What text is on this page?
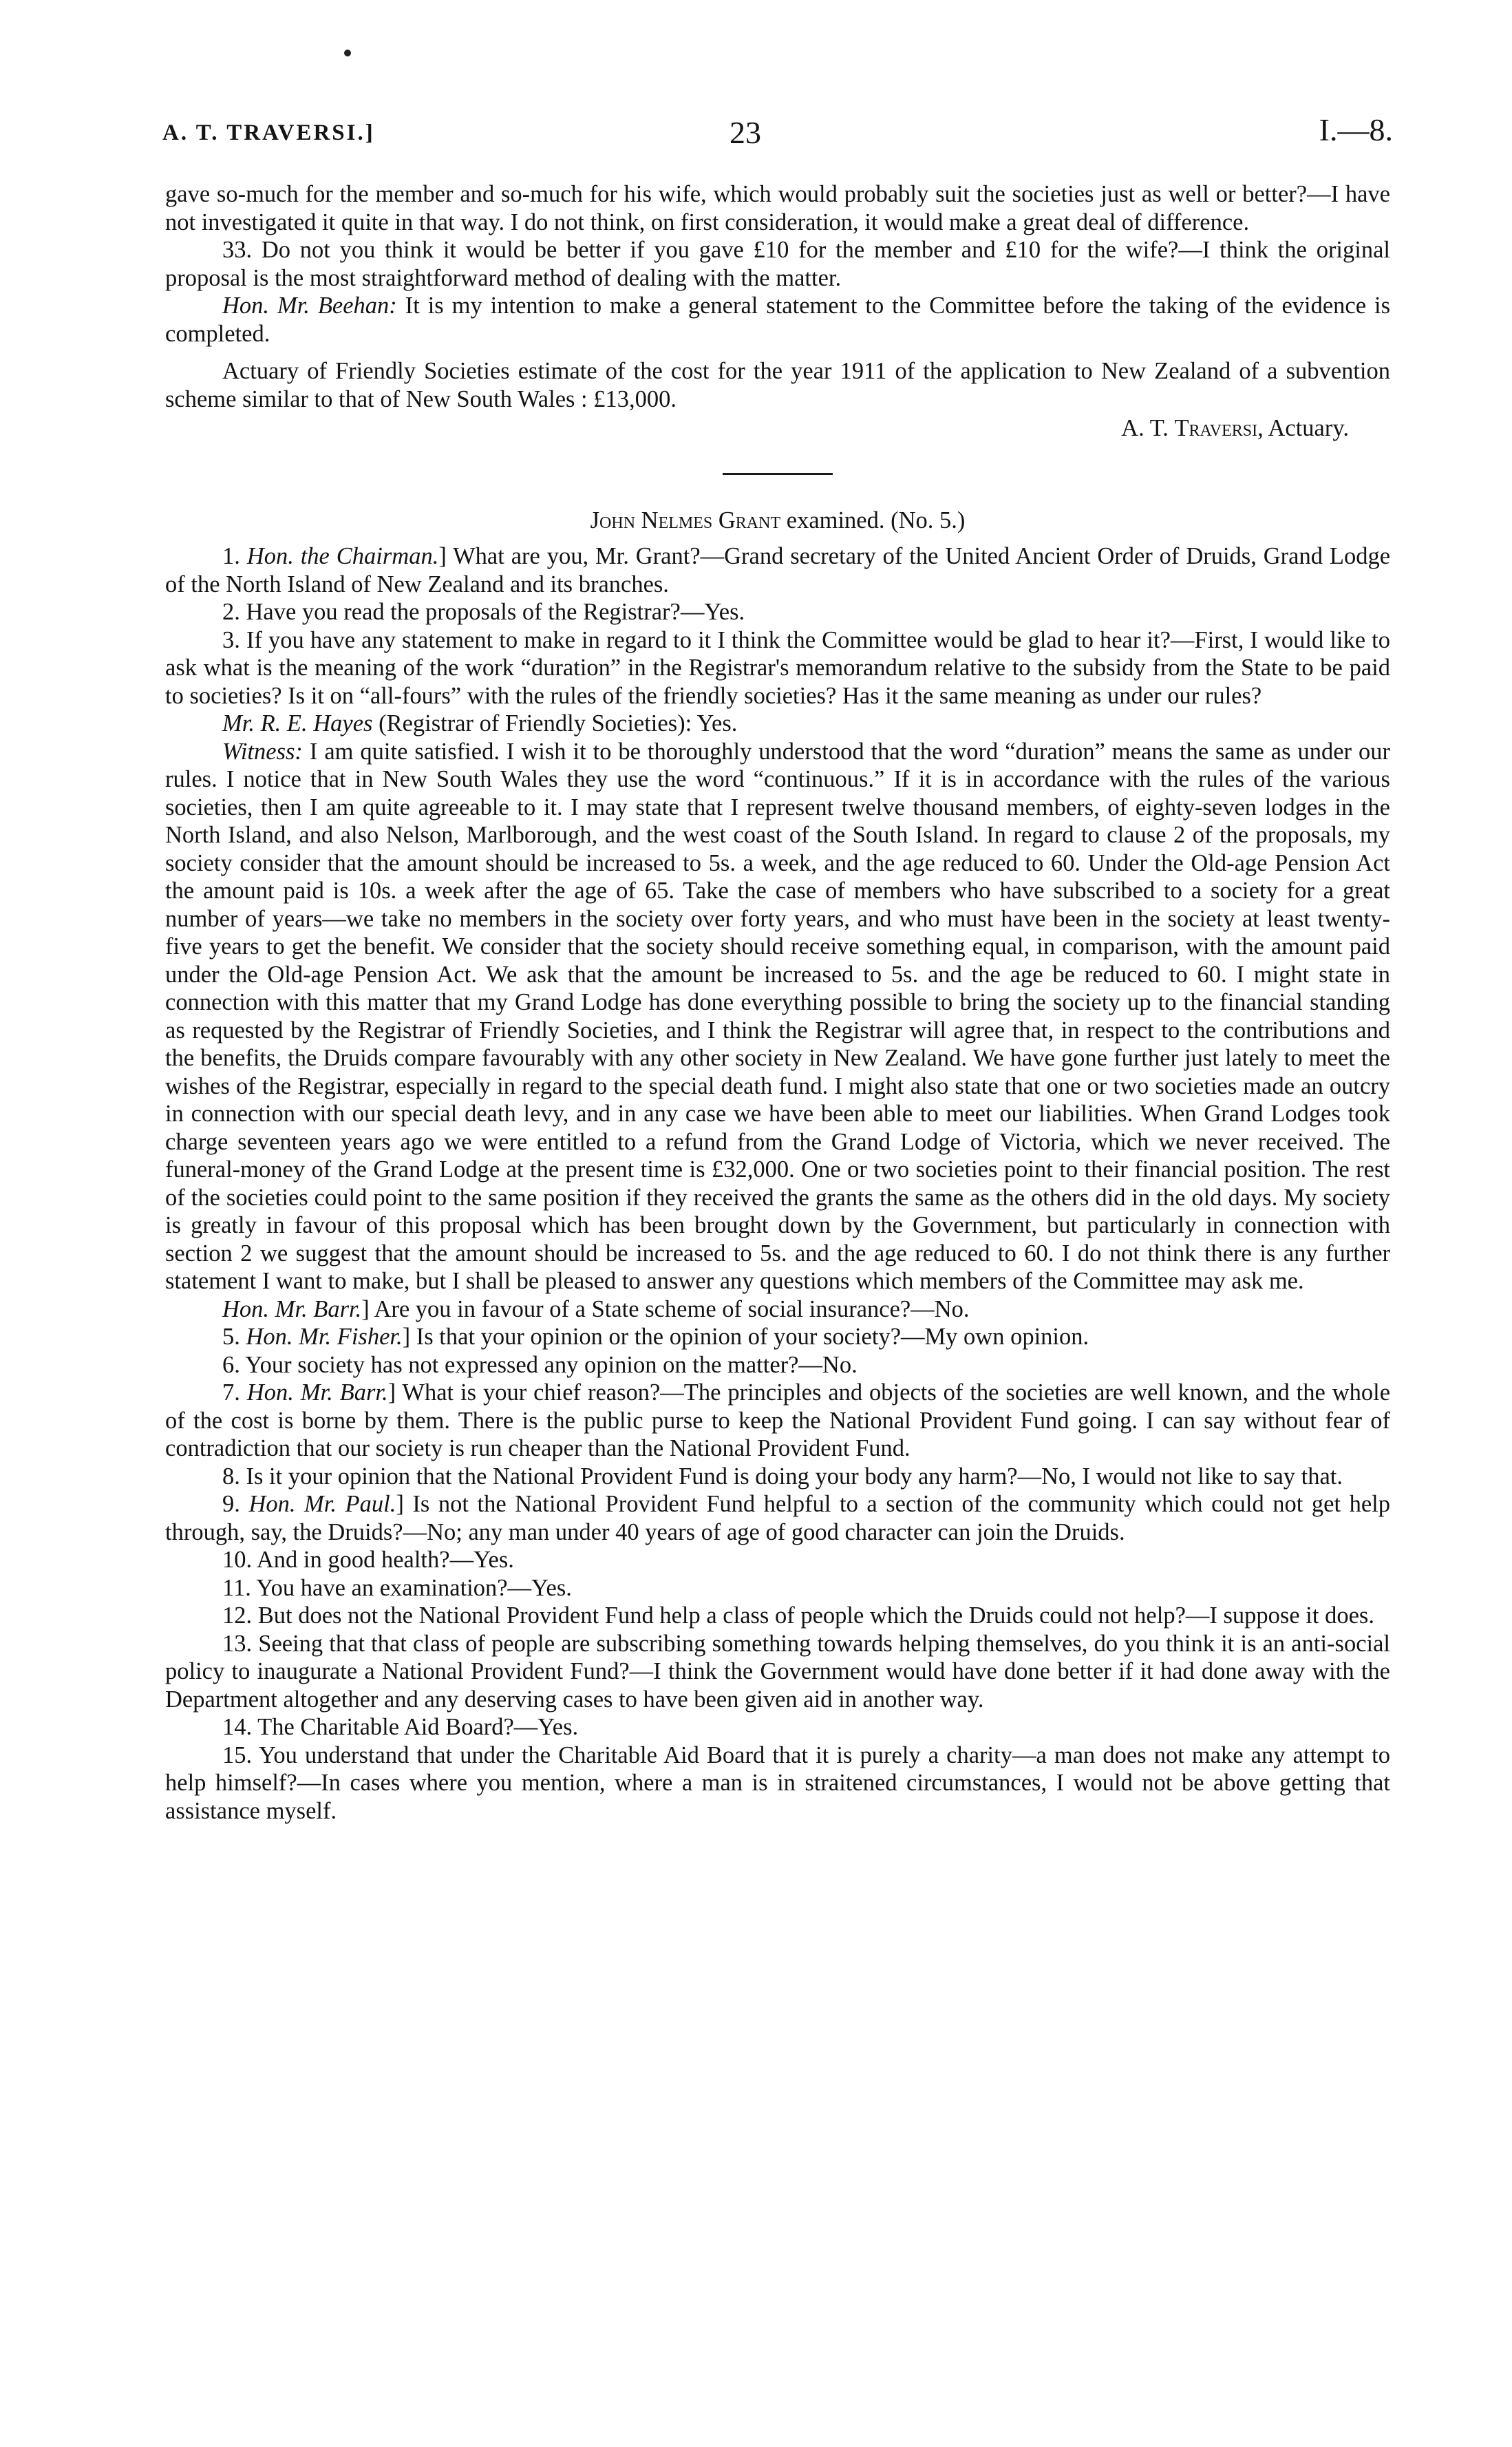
A. T. TRAVERSI.]	23	I.—8.

gave so-much for the member and so-much for his wife, which would probably suit the societies just as well or better?—I have not investigated it quite in that way. I do not think, on first consideration, it would make a great deal of difference.

33. Do not you think it would be better if you gave £10 for the member and £10 for the wife?—I think the original proposal is the most straightforward method of dealing with the matter.

Hon. Mr. Beehan: It is my intention to make a general statement to the Committee before the taking of the evidence is completed.

Actuary of Friendly Societies estimate of the cost for the year 1911 of the application to New Zealand of a subvention scheme similar to that of New South Wales : £13,000.

A. T. Traversi, Actuary.

John Nelmes Grant examined. (No. 5.)

1. Hon. the Chairman.] What are you, Mr. Grant?—Grand secretary of the United Ancient Order of Druids, Grand Lodge of the North Island of New Zealand and its branches.

2. Have you read the proposals of the Registrar?—Yes.

3. If you have any statement to make in regard to it I think the Committee would be glad to hear it?—First, I would like to ask what is the meaning of the work “duration” in the Registrar's memorandum relative to the subsidy from the State to be paid to societies? Is it on “all-fours” with the rules of the friendly societies? Has it the same meaning as under our rules?

Mr. R. E. Hayes (Registrar of Friendly Societies): Yes.

Witness: I am quite satisfied. I wish it to be thoroughly understood that the word “duration” means the same as under our rules. I notice that in New South Wales they use the word “continuous.” If it is in accordance with the rules of the various societies, then I am quite agreeable to it. I may state that I represent twelve thousand members, of eighty-seven lodges in the North Island, and also Nelson, Marlborough, and the west coast of the South Island. In regard to clause 2 of the proposals, my society consider that the amount should be increased to 5s. a week, and the age reduced to 60. Under the Old-age Pension Act the amount paid is 10s. a week after the age of 65. Take the case of members who have subscribed to a society for a great number of years—we take no members in the society over forty years, and who must have been in the society at least twenty-five years to get the benefit. We consider that the society should receive something equal, in comparison, with the amount paid under the Old-age Pension Act. We ask that the amount be increased to 5s. and the age be reduced to 60. I might state in connection with this matter that my Grand Lodge has done everything possible to bring the society up to the financial standing as requested by the Registrar of Friendly Societies, and I think the Registrar will agree that, in respect to the contributions and the benefits, the Druids compare favourably with any other society in New Zealand. We have gone further just lately to meet the wishes of the Registrar, especially in regard to the special death fund. I might also state that one or two societies made an outcry in connection with our special death levy, and in any case we have been able to meet our liabilities. When Grand Lodges took charge seventeen years ago we were entitled to a refund from the Grand Lodge of Victoria, which we never received. The funeral-money of the Grand Lodge at the present time is £32,000. One or two societies point to their financial position. The rest of the societies could point to the same position if they received the grants the same as the others did in the old days. My society is greatly in favour of this proposal which has been brought down by the Government, but particularly in connection with section 2 we suggest that the amount should be increased to 5s. and the age reduced to 60. I do not think there is any further statement I want to make, but I shall be pleased to answer any questions which members of the Committee may ask me.

Hon. Mr. Barr.] Are you in favour of a State scheme of social insurance?—No.

5. Hon. Mr. Fisher.] Is that your opinion or the opinion of your society?—My own opinion.

6. Your society has not expressed any opinion on the matter?—No.

7. Hon. Mr. Barr.] What is your chief reason?—The principles and objects of the societies are well known, and the whole of the cost is borne by them. There is the public purse to keep the National Provident Fund going. I can say without fear of contradiction that our society is run cheaper than the National Provident Fund.

8. Is it your opinion that the National Provident Fund is doing your body any harm?—No, I would not like to say that.

9. Hon. Mr. Paul.] Is not the National Provident Fund helpful to a section of the community which could not get help through, say, the Druids?—No; any man under 40 years of age of good character can join the Druids.

10. And in good health?—Yes.

11. You have an examination?—Yes.

12. But does not the National Provident Fund help a class of people which the Druids could not help?—I suppose it does.

13. Seeing that that class of people are subscribing something towards helping themselves, do you think it is an anti-social policy to inaugurate a National Provident Fund?—I think the Government would have done better if it had done away with the Department altogether and any deserving cases to have been given aid in another way.

14. The Charitable Aid Board?—Yes.

15. You understand that under the Charitable Aid Board that it is purely a charity—a man does not make any attempt to help himself?—In cases where you mention, where a man is in straitened circumstances, I would not be above getting that assistance myself.
